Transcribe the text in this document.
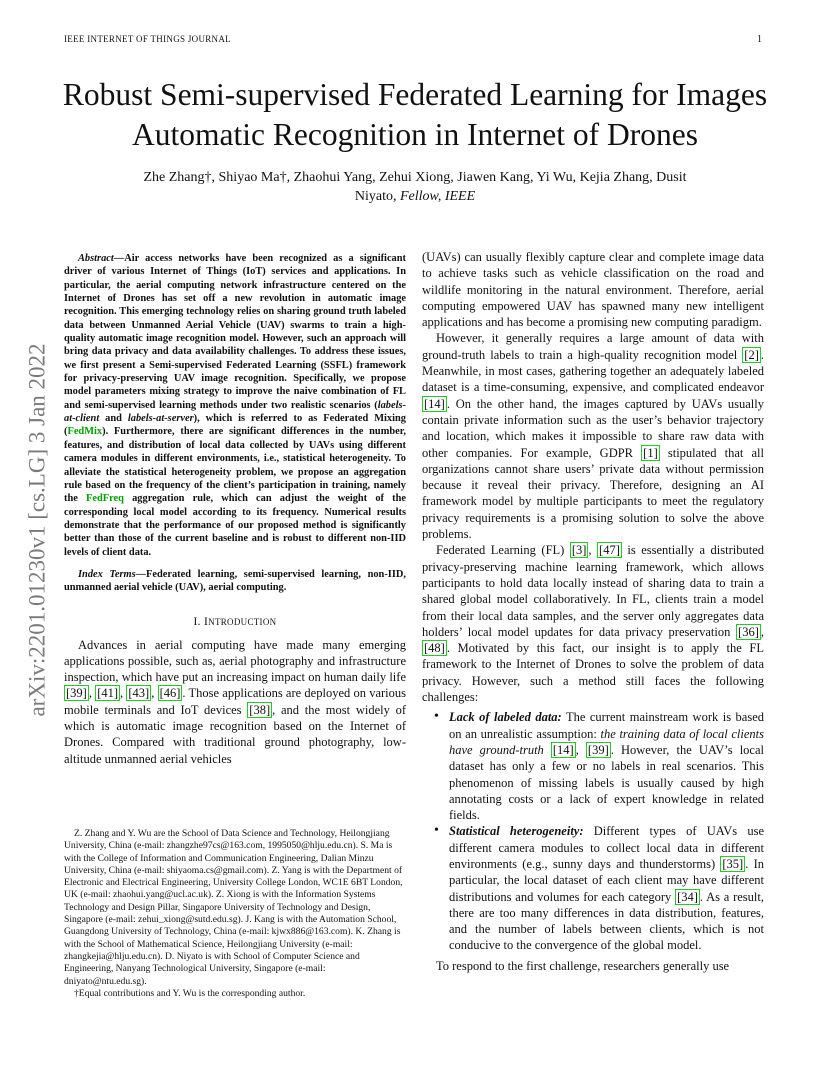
IEEE INTERNET OF THINGS JOURNAL	1
arXiv:2201.01230v1 [cs.LG] 3 Jan 2022
Robust Semi-supervised Federated Learning for Images Automatic Recognition in Internet of Drones
Zhe Zhang†, Shiyao Ma†, Zhaohui Yang, Zehui Xiong, Jiawen Kang, Yi Wu, Kejia Zhang, Dusit
Niyato, Fellow, IEEE

Abstract—Air access networks have been recognized as a significant driver of various Internet of Things (IoT) services and applications. In particular, the aerial computing network infrastructure centered on the Internet of Drones has set off a new revolution in automatic image recognition. This emerging technology relies on sharing ground truth labeled data between Unmanned Aerial Vehicle (UAV) swarms to train a high-quality automatic image recognition model. However, such an approach will bring data privacy and data availability challenges. To address these issues, we first present a Semi-supervised Federated Learning (SSFL) framework for privacy-preserving UAV image recognition. Specifically, we propose model parameters mixing strategy to improve the naive combination of FL and semi-supervised learning methods under two realistic scenarios (labels-at-client and labels-at-server), which is referred to as Federated Mixing (FedMix). Furthermore, there are significant differences in the number, features, and distribution of local data collected by UAVs using different camera modules in different environments, i.e., statistical heterogeneity. To alleviate the statistical heterogeneity problem, we propose an aggregation rule based on the frequency of the client’s participation in training, namely the FedFreq aggregation rule, which can adjust the weight of the corresponding local model according to its frequency. Numerical results demonstrate that the performance of our proposed method is significantly better than those of the current baseline and is robust to different non-IID levels of client data.

Index Terms—Federated learning, semi-supervised learning, non-IID, unmanned aerial vehicle (UAV), aerial computing.

I. INTRODUCTION

Advances in aerial computing have made many emerging applications possible, such as, aerial photography and infrastructure inspection, which have put an increasing impact on human daily life [39] , [41] , [43] , [46] . Those applications are deployed on various mobile terminals and IoT devices [38] , and the most widely of which is automatic image recognition based on the Internet of Drones. Compared with traditional ground photography, low-altitude unmanned aerial vehicles

Z. Zhang and Y. Wu are the School of Data Science and Technology, Heilongjiang University, China (e-mail: zhangzhe97cs@163.com, 1995050@hlju.edu.cn). S. Ma is with the College of Information and Communication Engineering, Dalian Minzu University, China (e-mail: shiyaoma.cs@gmail.com). Z. Yang is with the Department of Electronic and Electrical Engineering, University College London, WC1E 6BT London, UK (e-mail: zhaohui.yang@ucl.ac.uk). Z. Xiong is with the Information Systems Technology and Design Pillar, Singapore University of Technology and Design, Singapore (e-mail: zehui_xiong@sutd.edu.sg). J. Kang is with the Automation School, Guangdong University of Technology, China (e-mail: kjwx886@163.com). K. Zhang is with the School of Mathematical Science, Heilongjiang University (e-mail: zhangkejia@hlju.edu.cn). D. Niyato is with School of Computer Science and Engineering, Nanyang Technological University, Singapore (e-mail: dniyato@ntu.edu.sg).

†Equal contributions and Y. Wu is the corresponding author.

(UAVs) can usually flexibly capture clear and complete image data to achieve tasks such as vehicle classification on the road and wildlife monitoring in the natural environment. Therefore, aerial computing empowered UAV has spawned many new intelligent applications and has become a promising new computing paradigm.

However, it generally requires a large amount of data with ground-truth labels to train a high-quality recognition model [2] . Meanwhile, in most cases, gathering together an adequately labeled dataset is a time-consuming, expensive, and complicated endeavor [14] . On the other hand, the images captured by UAVs usually contain private information such as the user’s behavior trajectory and location, which makes it impossible to share raw data with other companies. For example, GDPR [1] stipulated that all organizations cannot share users’ private data without permission because it reveal their privacy. Therefore, designing an AI framework model by multiple participants to meet the regulatory privacy requirements is a promising solution to solve the above problems.

Federated Learning (FL) [3] , [47] is essentially a distributed privacy-preserving machine learning framework, which allows participants to hold data locally instead of sharing data to train a shared global model collaboratively. In FL, clients train a model from their local data samples, and the server only aggregates data holders’ local model updates for data privacy preservation [36] , [48] . Motivated by this fact, our insight is to apply the FL framework to the Internet of Drones to solve the problem of data privacy. However, such a method still faces the following challenges:

• Lack of labeled data: The current mainstream work is based on an unrealistic assumption: the training data of local clients have ground-truth [14] , [39] . However, the UAV’s local dataset has only a few or no labels in real scenarios. This phenomenon of missing labels is usually caused by high annotating costs or a lack of expert knowledge in related fields.
• Statistical heterogeneity: Different types of UAVs use different camera modules to collect local data in different environments (e.g., sunny days and thunderstorms) [35] . In particular, the local dataset of each client may have different distributions and volumes for each category [34] . As a result, there are too many differences in data distribution, features, and the number of labels between clients, which is not conducive to the convergence of the global model.

To respond to the first challenge, researchers generally use
